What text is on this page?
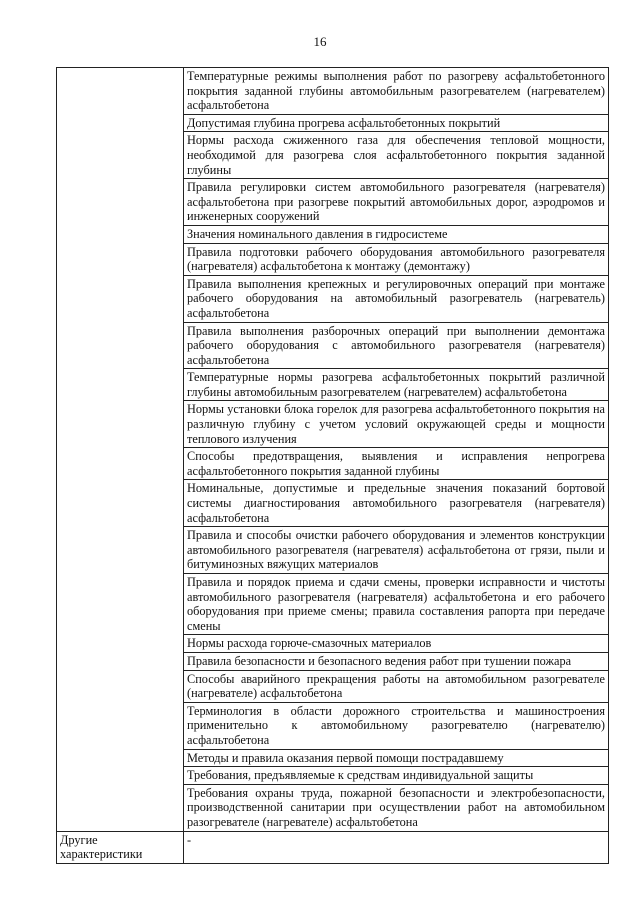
16
	Температурные режимы выполнения работ по разогреву асфальтобетонного покрытия заданной глубины автомобильным разогревателем (нагревателем) асфальтобетона
	Допустимая глубина прогрева асфальтобетонных покрытий
	Нормы расхода сжиженного газа для обеспечения тепловой мощности, необходимой для разогрева слоя асфальтобетонного покрытия заданной глубины
	Правила регулировки систем автомобильного разогревателя (нагревателя) асфальтобетона при разогреве покрытий автомобильных дорог, аэродромов и инженерных сооружений
	Значения номинального давления в гидросистеме
	Правила подготовки рабочего оборудования автомобильного разогревателя (нагревателя) асфальтобетона к монтажу (демонтажу)
	Правила выполнения крепежных и регулировочных операций при монтаже рабочего оборудования на автомобильный разогреватель (нагреватель) асфальтобетона
	Правила выполнения разборочных операций при выполнении демонтажа рабочего оборудования с автомобильного разогревателя (нагревателя) асфальтобетона
	Температурные нормы разогрева асфальтобетонных покрытий различной глубины автомобильным разогревателем (нагревателем) асфальтобетона
	Нормы установки блока горелок для разогрева асфальтобетонного покрытия на различную глубину с учетом условий окружающей среды и мощности теплового излучения
	Способы предотвращения, выявления и исправления непрогрева асфальтобетонного покрытия заданной глубины
	Номинальные, допустимые и предельные значения показаний бортовой системы диагностирования автомобильного разогревателя (нагревателя) асфальтобетона
	Правила и способы очистки рабочего оборудования и элементов конструкции автомобильного разогревателя (нагревателя) асфальтобетона от грязи, пыли и битуминозных вяжущих материалов
	Правила и порядок приема и сдачи смены, проверки исправности и чистоты автомобильного разогревателя (нагревателя) асфальтобетона и его рабочего оборудования при приеме смены; правила составления рапорта при передаче смены
	Нормы расхода горюче-смазочных материалов
	Правила безопасности и безопасного ведения работ при тушении пожара
	Способы аварийного прекращения работы на автомобильном разогревателе (нагревателе) асфальтобетона
	Терминология в области дорожного строительства и машиностроения применительно к автомобильному разогревателю (нагревателю) асфальтобетона
	Методы и правила оказания первой помощи пострадавшему
	Требования, предъявляемые к средствам индивидуальной защиты
	Требования охраны труда, пожарной безопасности и электробезопасности, производственной санитарии при осуществлении работ на автомобильном разогревателе (нагревателе) асфальтобетона
Другие характеристики	-
